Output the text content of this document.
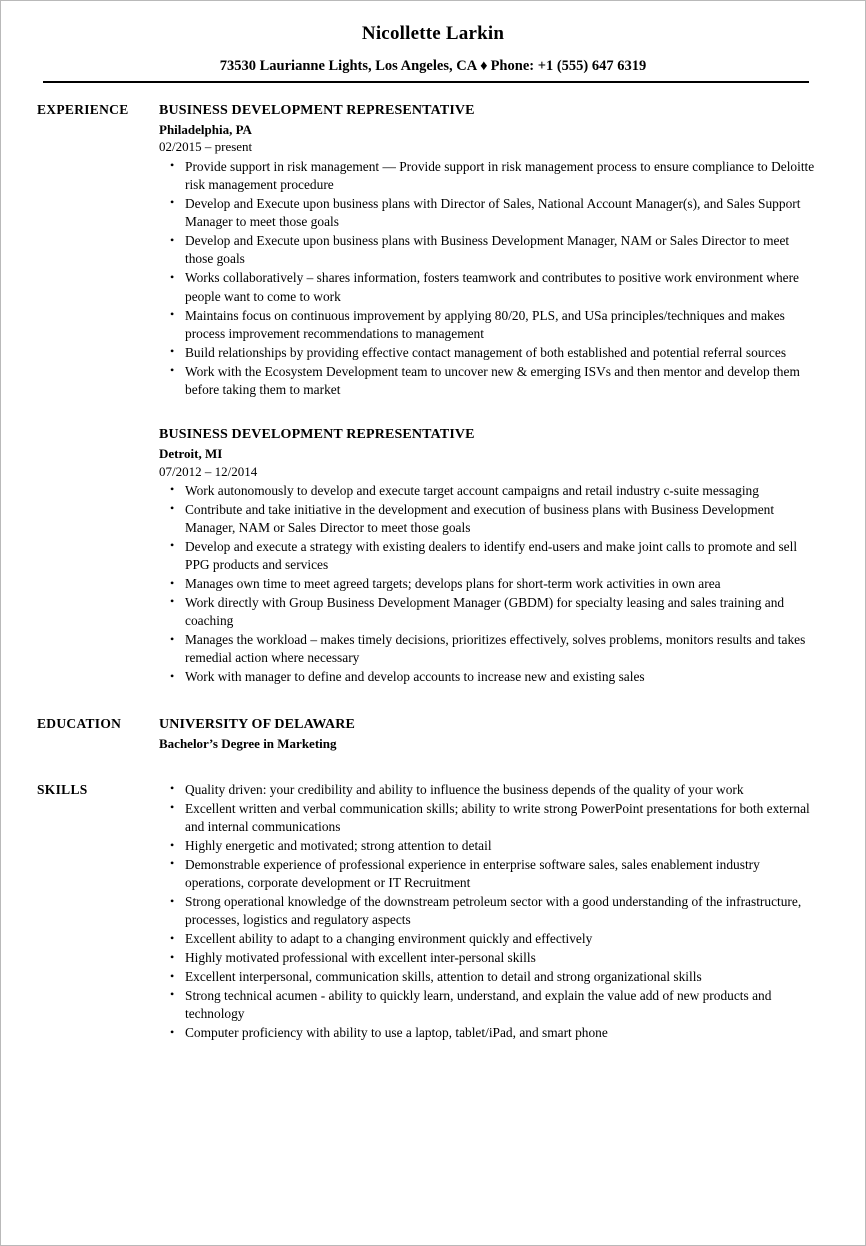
Nicollette Larkin
73530 Laurianne Lights, Los Angeles, CA ♦ Phone: +1 (555) 647 6319
EXPERIENCE	BUSINESS DEVELOPMENT REPRESENTATIVE
Philadelphia, PA
02/2015 – present
• Provide support in risk management — Provide support in risk management process to ensure compliance to Deloitte risk management procedure
• Develop and Execute upon business plans with Director of Sales, National Account Manager(s), and Sales Support Manager to meet those goals
• Develop and Execute upon business plans with Business Development Manager, NAM or Sales Director to meet those goals
• Works collaboratively – shares information, fosters teamwork and contributes to positive work environment where people want to come to work
• Maintains focus on continuous improvement by applying 80/20, PLS, and USa principles/techniques and makes process improvement recommendations to management
• Build relationships by providing effective contact management of both established and potential referral sources
• Work with the Ecosystem Development team to uncover new & emerging ISVs and then mentor and develop them before taking them to market
BUSINESS DEVELOPMENT REPRESENTATIVE
Detroit, MI
07/2012 – 12/2014
• Work autonomously to develop and execute target account campaigns and retail industry c-suite messaging
• Contribute and take initiative in the development and execution of business plans with Business Development Manager, NAM or Sales Director to meet those goals
• Develop and execute a strategy with existing dealers to identify end-users and make joint calls to promote and sell PPG products and services
• Manages own time to meet agreed targets; develops plans for short-term work activities in own area
• Work directly with Group Business Development Manager (GBDM) for specialty leasing and sales training and coaching
• Manages the workload – makes timely decisions, prioritizes effectively, solves problems, monitors results and takes remedial action where necessary
• Work with manager to define and develop accounts to increase new and existing sales
EDUCATION	UNIVERSITY OF DELAWARE
Bachelor’s Degree in Marketing
SKILLS	• Quality driven: your credibility and ability to influence the business depends of the quality of your work
• Excellent written and verbal communication skills; ability to write strong PowerPoint presentations for both external and internal communications
• Highly energetic and motivated; strong attention to detail
• Demonstrable experience of professional experience in enterprise software sales, sales enablement industry operations, corporate development or IT Recruitment
• Strong operational knowledge of the downstream petroleum sector with a good understanding of the infrastructure, processes, logistics and regulatory aspects
• Excellent ability to adapt to a changing environment quickly and effectively
• Highly motivated professional with excellent inter-personal skills
• Excellent interpersonal, communication skills, attention to detail and strong organizational skills
• Strong technical acumen - ability to quickly learn, understand, and explain the value add of new products and technology
• Computer proficiency with ability to use a laptop, tablet/iPad, and smart phone
